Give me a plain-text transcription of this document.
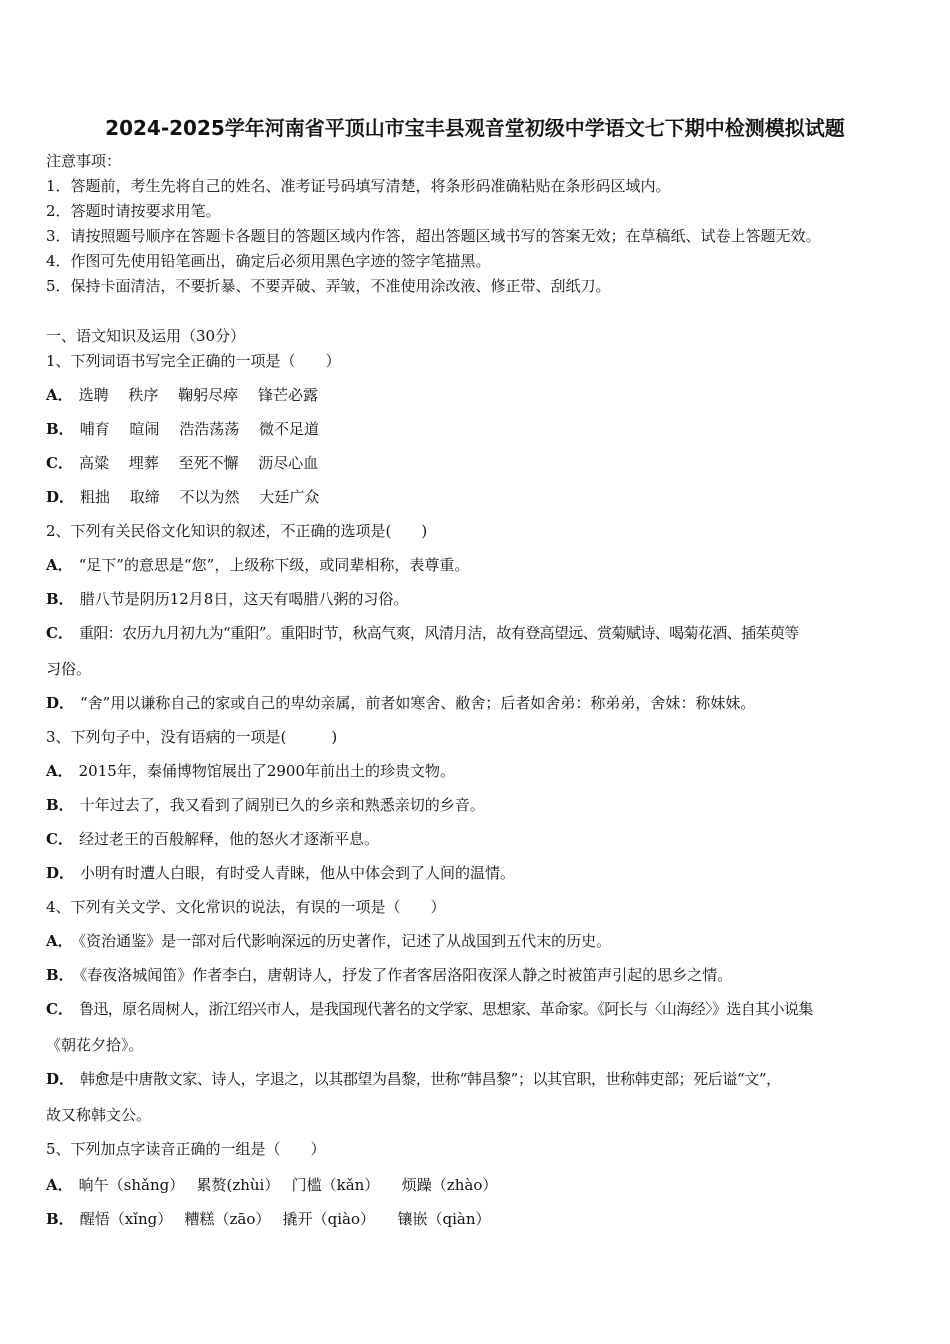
2024-2025学年河南省平顶山市宝丰县观音堂初级中学语文七下期中检测模拟试题
注意事项：
1．答题前，考生先将自己的姓名、准考证号码填写清楚，将条形码准确粘贴在条形码区域内。
2．答题时请按要求用笔。
3．请按照题号顺序在答题卡各题目的答题区域内作答，超出答题区域书写的答案无效；在草稿纸、试卷上答题无效。
4．作图可先使用铅笔画出，确定后必须用黑色字迹的签字笔描黑。
5．保持卡面清洁，不要折暴、不要弄破、弄皱，不准使用涂改液、修正带、刮纸刀。
一、语文知识及运用（30分）
1、下列词语书写完全正确的一项是（　　）
A． 选聘　 秩序　 鞠躬尽瘁　 锋芒必露
B． 哺育　 暄闹　 浩浩荡荡　 微不足道
C． 高粱　 埋葬　 至死不懈　 沥尽心血
D． 粗拙　 取缔　 不以为然　 大廷广众
2、下列有关民俗文化知识的叙述，不正确的选项是(　　)
A． “足下”的意思是“您”，上级称下级，或同辈相称，表尊重。
B． 腊八节是阴历12月8日，这天有喝腊八粥的习俗。
C． 重阳：农历九月初九为“重阳”。重阳时节，秋高气爽，风清月洁，故有登高望远、赏菊赋诗、喝菊花酒、插茱萸等
习俗。
D． “舍”用以谦称自己的家或自己的卑幼亲属，前者如寒舍、敝舍；后者如舍弟：称弟弟，舍妹：称妹妹。
3、下列句子中，没有语病的一项是(　　　)
A． 2015年，秦俑博物馆展出了2900年前出土的珍贵文物。
B． 十年过去了，我又看到了阔别已久的乡亲和熟悉亲切的乡音。
C． 经过老王的百般解释，他的怒火才逐渐平息。
D． 小明有时遭人白眼，有时受人青睐，他从中体会到了人间的温情。
4、下列有关文学、文化常识的说法，有误的一项是（　　）
A． 《资治通鉴》是一部对后代影响深远的历史著作，记述了从战国到五代末的历史。
B． 《春夜洛城闻笛》作者李白，唐朝诗人，抒发了作者客居洛阳夜深人静之时被笛声引起的思乡之情。
C． 鲁迅，原名周树人，浙江绍兴市人，是我国现代著名的文学家、思想家、革命家。《阿长与〈山海经〉》选自其小说集
《朝花夕拾》。
D． 韩愈是中唐散文家、诗人，字退之，以其郡望为昌黎，世称“韩昌黎”；以其官职，世称韩吏部；死后谥“文”，
故又称韩文公。
5、下列加点字读音正确的一组是（　　）
A． 晌午（shǎng）　 累赘(zhùi）　 门槛（kǎn）　　烦躁（zhào）
B． 醒悟（xǐng）　 糟糕（zāo）　 撬开（qiào）　　镶嵌（qiàn）
